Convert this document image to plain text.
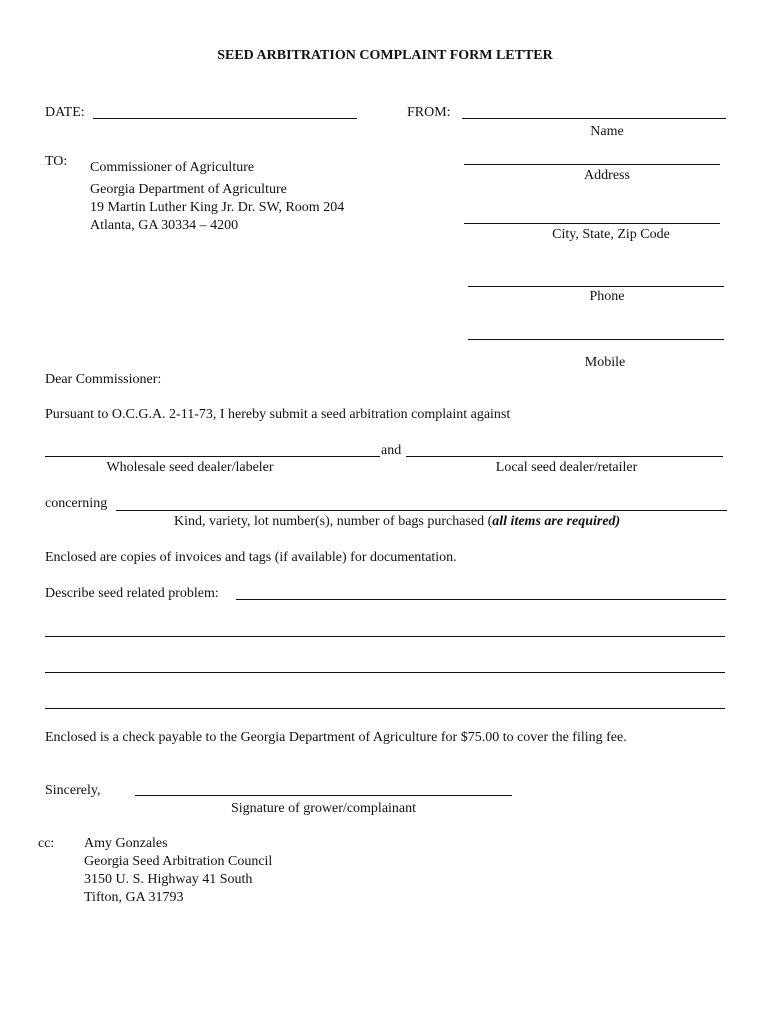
SEED ARBITRATION COMPLAINT FORM LETTER
DATE:	FROM:
Name
Address
City, State, Zip Code
Phone
Mobile
TO: Commissioner of Agriculture
Georgia Department of Agriculture
19 Martin Luther King Jr. Dr. SW, Room 204
Atlanta, GA 30334 – 4200
Dear Commissioner:
Pursuant to O.C.G.A. 2-11-73, I hereby submit a seed arbitration complaint against
and
Wholesale seed dealer/labeler	Local seed dealer/retailer
concerning
Kind, variety, lot number(s), number of bags purchased (all items are required)
Enclosed are copies of invoices and tags (if available) for documentation.
Describe seed related problem:
Enclosed is a check payable to the Georgia Department of Agriculture for $75.00 to cover the filing fee.
Sincerely,
Signature of grower/complainant
cc: Amy Gonzales
Georgia Seed Arbitration Council
3150 U. S. Highway 41 South
Tifton, GA 31793
